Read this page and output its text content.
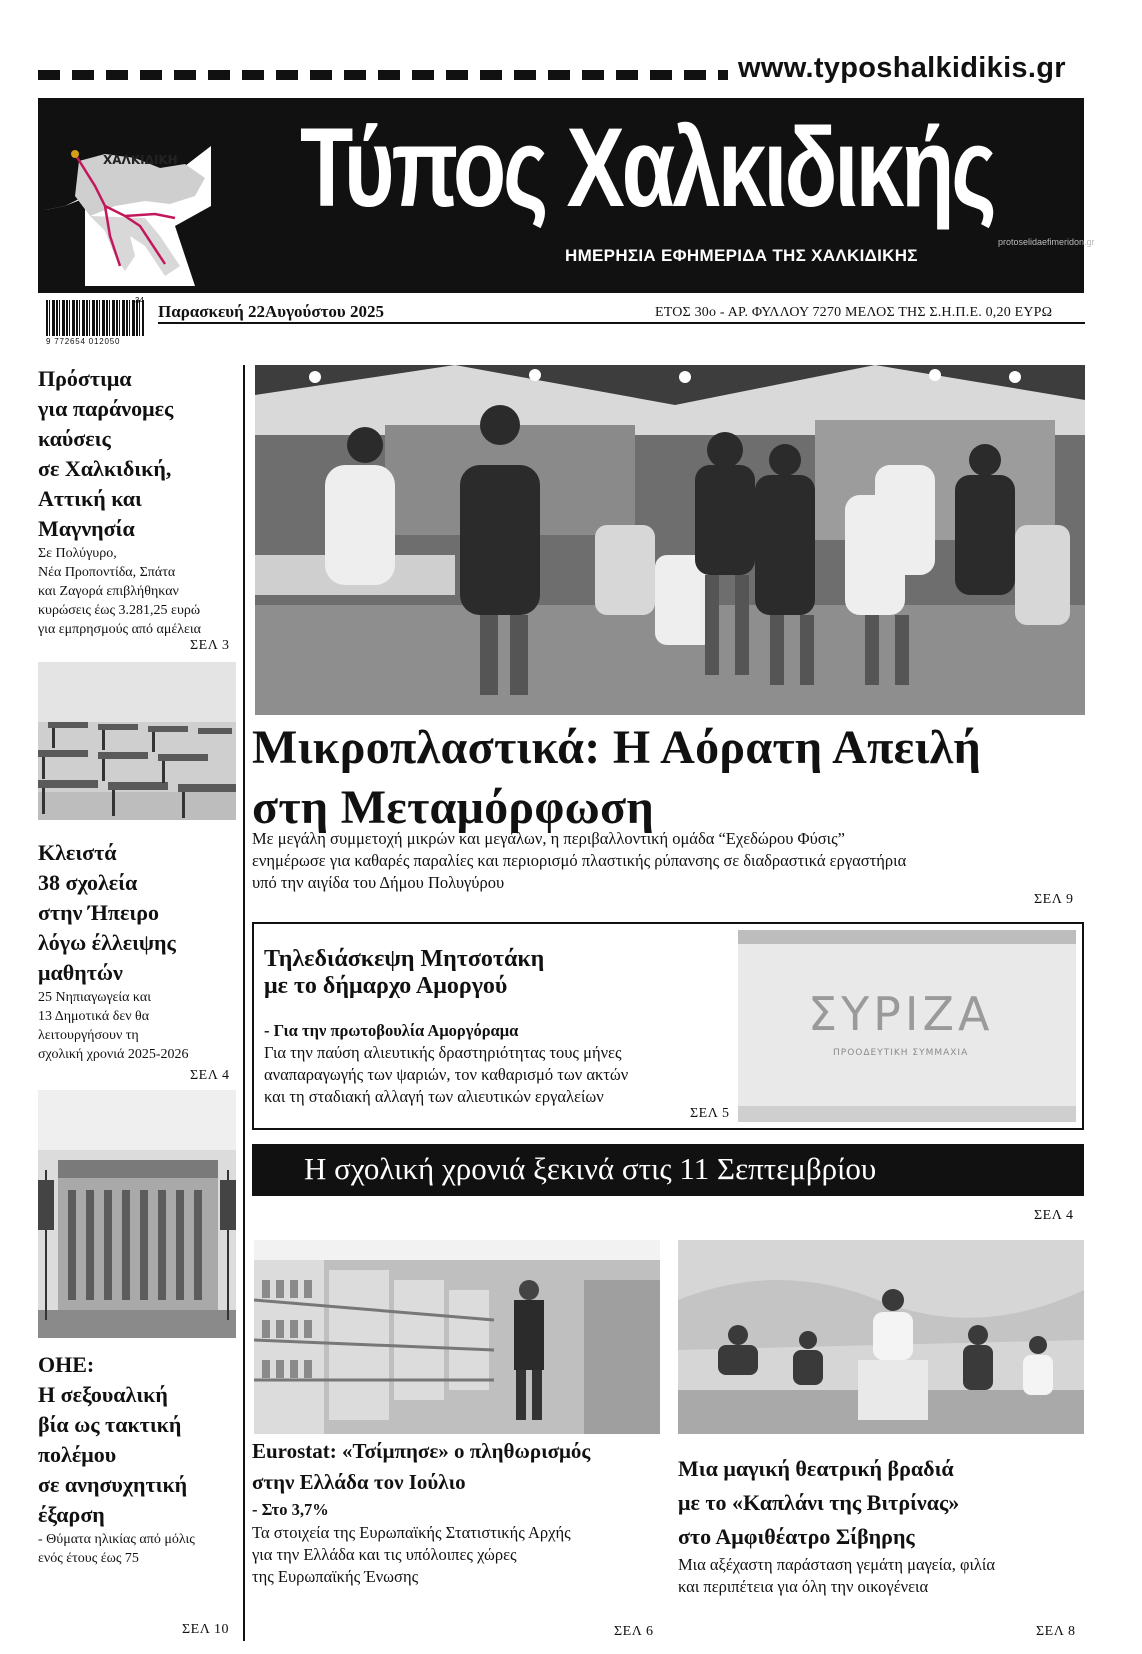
www.typoshalkidikis.gr
ΧΑΛΚΙΔΙΚΗ Τύπος Χαλκιδικής
ΗΜΕΡΗΣΙΑ ΕΦΗΜΕΡΙΔΑ ΤΗΣ ΧΑΛΚΙΔΙΚΗΣ
protoselidaefimeridon.gr
9 772654 012050
34
Παρασκευή 22Αυγούστου 2025	ΕΤΟΣ 30ο - ΑΡ. ΦΥΛΛΟΥ 7270 ΜΕΛΟΣ ΤΗΣ Σ.Η.Π.Ε. 0,20 ΕΥΡΩ
Πρόστιμα
για παράνομες
καύσεις
σε Χαλκιδική,
Αττική και
Μαγνησία
Σε Πολύγυρο,
Νέα Προποντίδα, Σπάτα
και Ζαγορά επιβλήθηκαν
κυρώσεις έως 3.281,25 ευρώ
για εμπρησμούς από αμέλεια
ΣΕΛ 3
Κλειστά
38 σχολεία
στην Ήπειρο
λόγω έλλειψης
μαθητών
25 Νηπιαγωγεία και
13 Δημοτικά δεν θα
λειτουργήσουν τη
σχολική χρονιά 2025-2026
ΣΕΛ 4
ΟΗΕ:
Η σεξουαλική
βία ως τακτική
πολέμου
σε ανησυχητική
έξαρση
- Θύματα ηλικίας από μόλις
ενός έτους έως 75
ΣΕΛ 10
Μικροπλαστικά: Η Αόρατη Απειλή
στη Μεταμόρφωση
Με μεγάλη συμμετοχή μικρών και μεγάλων, η περιβαλλοντική ομάδα “Εχεδώρου Φύσις”
ενημέρωσε για καθαρές παραλίες και περιορισμό πλαστικής ρύπανσης σε διαδραστικά εργαστήρια
υπό την αιγίδα του Δήμου Πολυγύρου
ΣΕΛ 9
Τηλεδιάσκεψη Μητσοτάκη
με το δήμαρχο Αμοργού
- Για την πρωτοβουλία Αμοργόραμα
Για την παύση αλιευτικής δραστηριότητας τους μήνες
αναπαραγωγής των ψαριών, τον καθαρισμό των ακτών
και τη σταδιακή αλλαγή των αλιευτικών εργαλείων
ΣΕΛ 5
ΣΥΡΙΖΑ
ΠΡΟΟΔΕΥΤΙΚΗ ΣΥΜΜΑΧΙΑ
Η σχολική χρονιά ξεκινά στις 11 Σεπτεμβρίου
ΣΕΛ 4
Eurostat: «Τσίμπησε» ο πληθωρισμός
στην Ελλάδα τον Ιούλιο
- Στο 3,7%
Τα στοιχεία της Ευρωπαϊκής Στατιστικής Αρχής
για την Ελλάδα και τις υπόλοιπες χώρες
της Ευρωπαϊκής Ένωσης
ΣΕΛ 6
Μια μαγική θεατρική βραδιά
με το «Καπλάνι της Βιτρίνας»
στο Αμφιθέατρο Σίβηρης
Μια αξέχαστη παράσταση γεμάτη μαγεία, φιλία
και περιπέτεια για όλη την οικογένεια
ΣΕΛ 8
